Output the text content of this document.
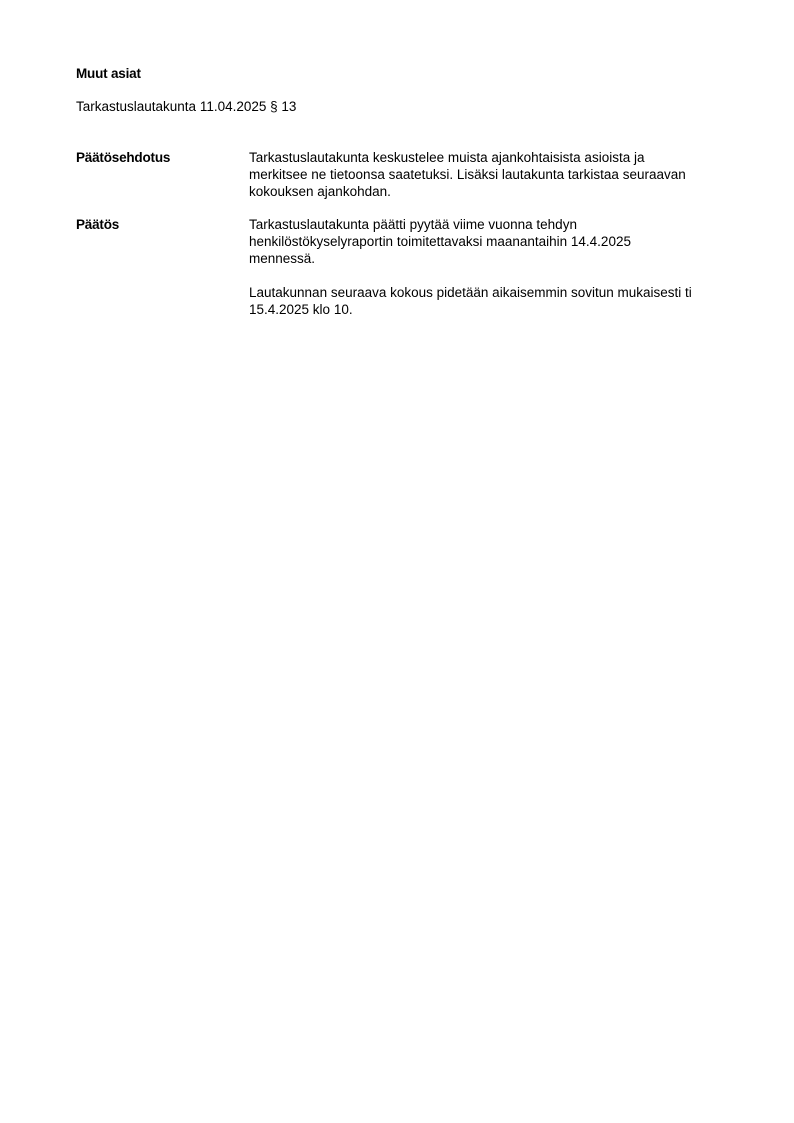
Muut asiat
Tarkastuslautakunta 11.04.2025 § 13
Päätösehdotus	Tarkastuslautakunta keskustelee muista ajankohtaisista asioista ja
merkitsee ne tietoonsa saatetuksi. Lisäksi lautakunta tarkistaa seuraavan
kokouksen ajankohdan.

Päätös	Tarkastuslautakunta päätti pyytää viime vuonna tehdyn
henkilöstökyselyraportin toimitettavaksi maanantaihin 14.4.2025
mennessä.

Lautakunnan seuraava kokous pidetään aikaisemmin sovitun mukaisesti ti
15.4.2025 klo 10.
